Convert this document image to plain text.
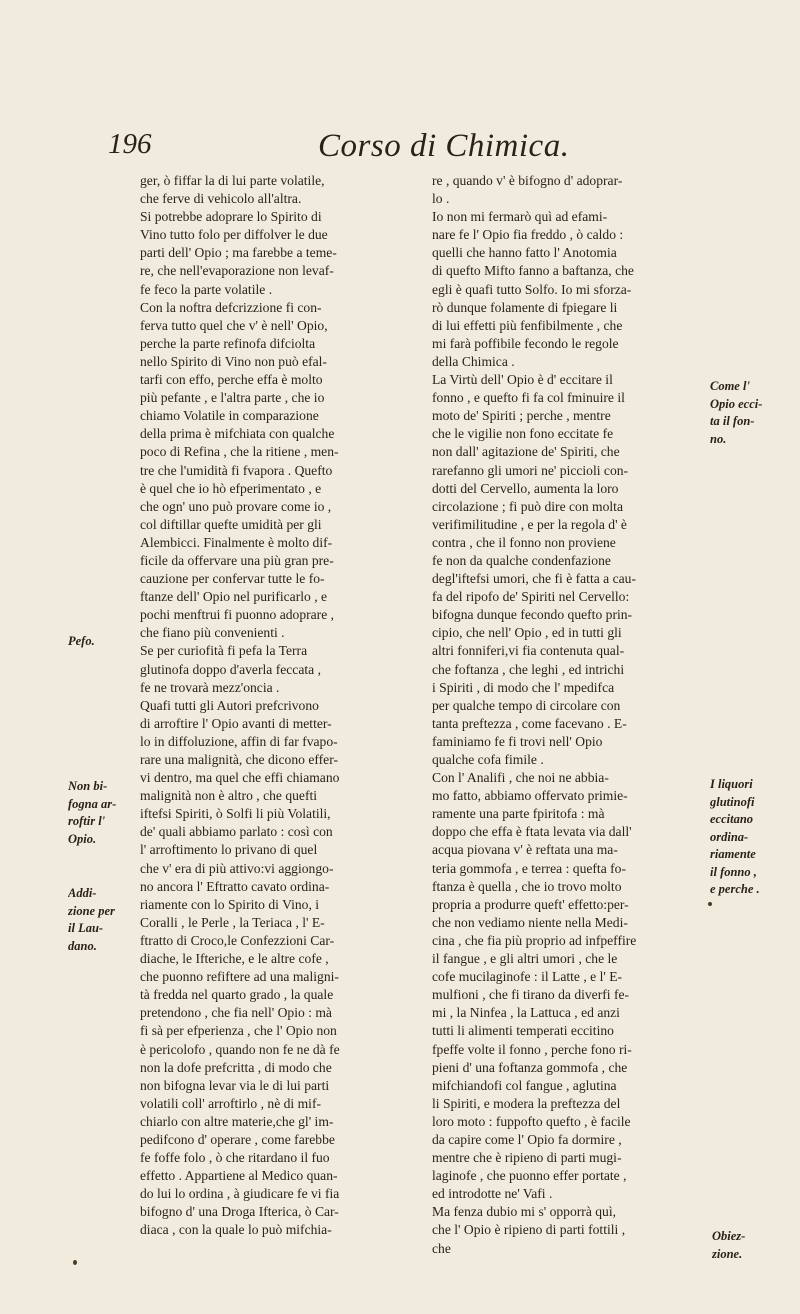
196	Corso di Chimica.
ger, ò fiffar la di lui parte volatile,
che ferve di vehicolo all'altra.
Si potrebbe adoprare lo Spirito di
Vino tutto folo per diffolver le due
parti dell' Opio ; ma farebbe a teme-
re, che nell'evaporazione non levaf-
fe feco la parte volatile .
Con la noftra defcrizzione fi con-
ferva tutto quel che v' è nell' Opio,
perche la parte refinofa difciolta
nello Spirito di Vino non può efal-
tarfi con effo, perche effa è molto
più pefante , e l'altra parte , che io
chiamo Volatile in comparazione
della prima è mifchiata con qualche
poco di Refina , che la ritiene , men-
tre che l'umidità fi fvapora . Quefto
è quel che io hò efperimentato , e
che ogn' uno può provare come io ,
col diftillar quefte umidità per gli
Alembicci. Finalmente è molto dif-
ficile da offervare una più gran pre-
cauzione per confervar tutte le fo-
ftanze dell' Opio nel purificarlo , e
pochi menftrui fi puonno adoprare ,
che fiano più convenienti .
Se per curiofità fi pefa la Terra
glutinofa doppo d'averla feccata ,
fe ne trovarà mezz'oncia .
Quafi tutti gli Autori prefcrivono
di arroftire l' Opio avanti di metter-
lo in diffoluzione, affin di far fvapo-
rare una malignità, che dicono effer-
vi dentro, ma quel che effi chiamano
malignità non è altro , che quefti
iftefsi Spiriti, ò Solfi li più Volatili,
de' quali abbiamo parlato : così con
l' arroftimento lo privano di quel
che v' era di più attivo:vi aggiongo-
no ancora l' Eftratto cavato ordina-
riamente con lo Spirito di Vino, i
Coralli , le Perle , la Teriaca , l' E-
ftratto di Croco,le Confezzioni Car-
diache, le Ifteriche, e le altre cofe ,
che puonno refiftere ad una maligni-
tà fredda nel quarto grado , la quale
pretendono , che fia nell' Opio : mà
fi sà per efperienza , che l' Opio non
è pericolofo , quando non fe ne dà fe
non la dofe prefcritta , di modo che
non bifogna levar via le di lui parti
volatili coll' arroftirlo , nè di mif-
chiarlo con altre materie,che gl' im-
pedifcono d' operare , come farebbe
fe foffe folo , ò che ritardano il fuo
effetto . Appartiene al Medico quan-
do lui lo ordina , à giudicare fe vi fia
bifogno d' una Droga Ifterica, ò Car-
diaca , con la quale lo può mifchia-
re , quando v' è bifogno d' adoprar-
lo .
Io non mi fermarò quì ad efami-
nare fe l' Opio fia freddo , ò caldo :
quelli che hanno fatto l' Anotomia
di quefto Mifto fanno a baftanza, che
egli è quafi tutto Solfo. Io mi sforza-
rò dunque folamente di fpiegare li
di lui effetti più fenfibilmente , che
mi farà poffibile fecondo le regole
della Chimica .
La Virtù dell' Opio è d' eccitare il
fonno , e quefto fi fa col fminuire il
moto de' Spiriti ; perche , mentre
che le vigilie non fono eccitate fe
non dall' agitazione de' Spiriti, che
rarefanno gli umori ne' piccioli con-
dotti del Cervello, aumenta la loro
circolazione ; fi può dire con molta
verifimilitudine , e per la regola d' è
contra , che il fonno non proviene
fe non da qualche condenfazione
degl'iftefsi umori, che fi è fatta a cau-
fa del ripofo de' Spiriti nel Cervello:
bifogna dunque fecondo quefto prin-
cipio, che nell' Opio , ed in tutti gli
altri fonniferi,vi fia contenuta qual-
che foftanza , che leghi , ed intrichi
i Spiriti , di modo che l' mpedifca
per qualche tempo di circolare con
tanta preftezza , come facevano . E-
faminiamo fe fi trovi nell' Opio
qualche cofa fimile .
Con l' Analifi , che noi ne abbia-
mo fatto, abbiamo offervato primie-
ramente una parte fpiritofa : mà
doppo che effa è ftata levata via dall'
acqua piovana v' è reftata una ma-
teria gommofa , e terrea : quefta fo-
ftanza è quella , che io trovo molto
propria a produrre queft' effetto:per-
che non vediamo niente nella Medi-
cina , che fia più proprio ad infpeffire
il fangue , e gli altri umori , che le
cofe mucilaginofe : il Latte , e l' E-
mulfioni , che fi tirano da diverfi fe-
mi , la Ninfea , la Lattuca , ed anzi
tutti li alimenti temperati eccitino
fpeffe volte il fonno , perche fono ri-
pieni d' una foftanza gommofa , che
mifchiandofi col fangue , aglutina
li Spiriti, e modera la preftezza del
loro moto : fuppofto quefto , è facile
da capire come l' Opio fa dormire ,
mentre che è ripieno di parti mugi-
laginofe , che puonno effer portate ,
ed introdotte ne' Vafi .
Ma fenza dubio mi s' opporrà quì,
che l' Opio è ripieno di parti fottili ,
che
Pefo.
Non bi-
fogna ar-
roftir l'
Opio.
Addi-
zione per
il Lau-
dano.
Come l'
Opio ecci-
ta il fon-
no.
I liquori
glutinofi
eccitano
ordina-
riamente
il fonno ,
e perche .
Obiez-
zione.
